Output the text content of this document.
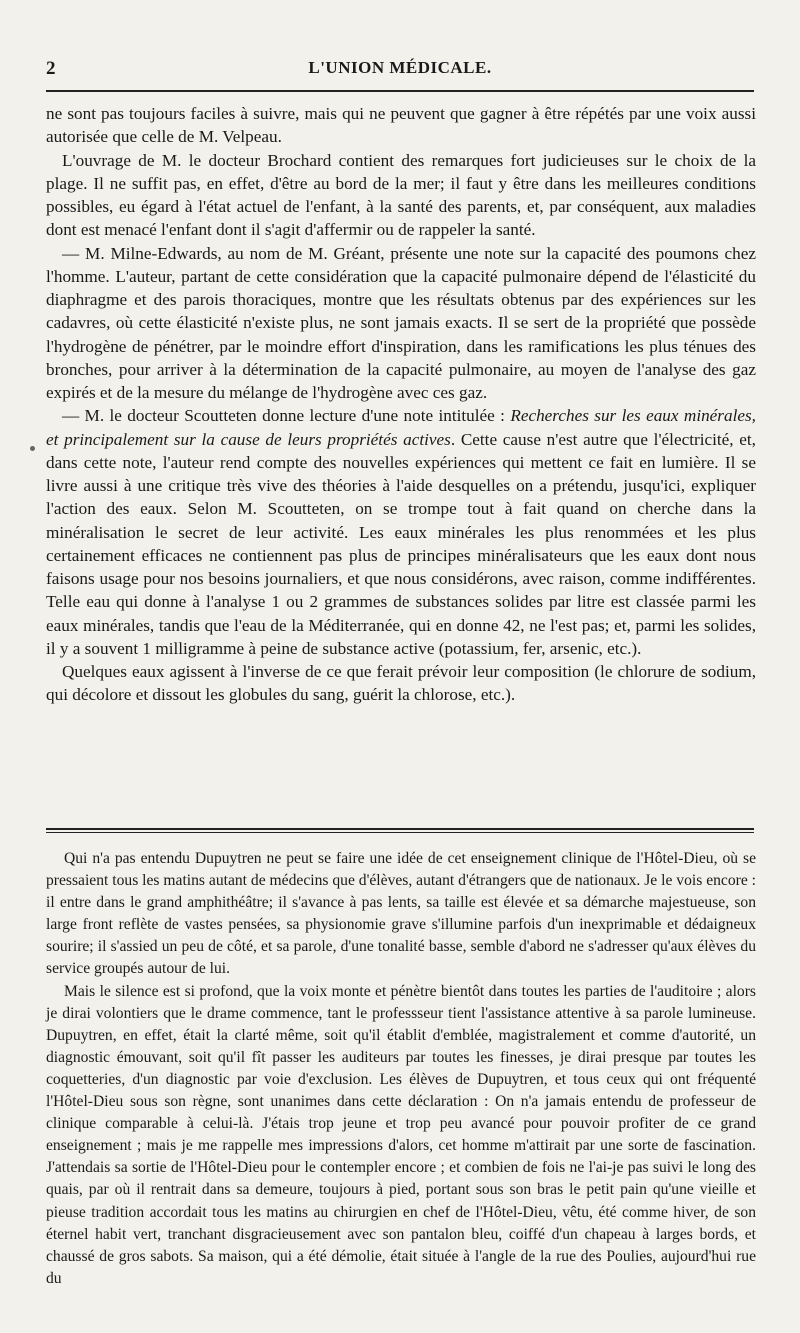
2	L'UNION MÉDICALE.

ne sont pas toujours faciles à suivre, mais qui ne peuvent que gagner à être répétés par une voix aussi autorisée que celle de M. Velpeau.

L'ouvrage de M. le docteur Brochard contient des remarques fort judicieuses sur le choix de la plage. Il ne suffit pas, en effet, d'être au bord de la mer; il faut y être dans les meilleures conditions possibles, eu égard à l'état actuel de l'enfant, à la santé des parents, et, par conséquent, aux maladies dont est menacé l'enfant dont il s'agit d'affermir ou de rappeler la santé.

— M. Milne-Edwards, au nom de M. Gréant, présente une note sur la capacité des poumons chez l'homme. L'auteur, partant de cette considération que la capacité pulmonaire dépend de l'élasticité du diaphragme et des parois thoraciques, montre que les résultats obtenus par des expériences sur les cadavres, où cette élasticité n'existe plus, ne sont jamais exacts. Il se sert de la propriété que possède l'hydrogène de pénétrer, par le moindre effort d'inspiration, dans les ramifications les plus ténues des bronches, pour arriver à la détermination de la capacité pulmonaire, au moyen de l'analyse des gaz expirés et de la mesure du mélange de l'hydrogène avec ces gaz.

— M. le docteur Scoutteten donne lecture d'une note intitulée : Recherches sur les eaux minérales, et principalement sur la cause de leurs propriétés actives. Cette cause n'est autre que l'électricité, et, dans cette note, l'auteur rend compte des nouvelles expériences qui mettent ce fait en lumière. Il se livre aussi à une critique très vive des théories à l'aide desquelles on a prétendu, jusqu'ici, expliquer l'action des eaux. Selon M. Scoutteten, on se trompe tout à fait quand on cherche dans la minéralisation le secret de leur activité. Les eaux minérales les plus renommées et les plus certainement efficaces ne contiennent pas plus de principes minéralisateurs que les eaux dont nous faisons usage pour nos besoins journaliers, et que nous considérons, avec raison, comme indifférentes. Telle eau qui donne à l'analyse 1 ou 2 grammes de substances solides par litre est classée parmi les eaux minérales, tandis que l'eau de la Méditerranée, qui en donne 42, ne l'est pas; et, parmi les solides, il y a souvent 1 milligramme à peine de substance active (potassium, fer, arsenic, etc.).

Quelques eaux agissent à l'inverse de ce que ferait prévoir leur composition (le chlorure de sodium, qui décolore et dissout les globules du sang, guérit la chlorose, etc.).

Qui n'a pas entendu Dupuytren ne peut se faire une idée de cet enseignement clinique de l'Hôtel-Dieu, où se pressaient tous les matins autant de médecins que d'élèves, autant d'étrangers que de nationaux. Je le vois encore : il entre dans le grand amphithéâtre; il s'avance à pas lents, sa taille est élevée et sa démarche majestueuse, son large front reflète de vastes pensées, sa physionomie grave s'illumine parfois d'un inexprimable et dédaigneux sourire; il s'assied un peu de côté, et sa parole, d'une tonalité basse, semble d'abord ne s'adresser qu'aux élèves du service groupés autour de lui.

Mais le silence est si profond, que la voix monte et pénètre bientôt dans toutes les parties de l'auditoire ; alors je dirai volontiers que le drame commence, tant le professseur tient l'assistance attentive à sa parole lumineuse. Dupuytren, en effet, était la clarté même, soit qu'il établit d'emblée, magistralement et comme d'autorité, un diagnostic émouvant, soit qu'il fît passer les auditeurs par toutes les finesses, je dirai presque par toutes les coquetteries, d'un diagnostic par voie d'exclusion. Les élèves de Dupuytren, et tous ceux qui ont fréquenté l'Hôtel-Dieu sous son règne, sont unanimes dans cette déclaration : On n'a jamais entendu de professeur de clinique comparable à celui-là. J'étais trop jeune et trop peu avancé pour pouvoir profiter de ce grand enseignement ; mais je me rappelle mes impressions d'alors, cet homme m'attirait par une sorte de fascination. J'attendais sa sortie de l'Hôtel-Dieu pour le contempler encore ; et combien de fois ne l'ai-je pas suivi le long des quais, par où il rentrait dans sa demeure, toujours à pied, portant sous son bras le petit pain qu'une vieille et pieuse tradition accordait tous les matins au chirurgien en chef de l'Hôtel-Dieu, vêtu, été comme hiver, de son éternel habit vert, tranchant disgracieusement avec son pantalon bleu, coiffé d'un chapeau à larges bords, et chaussé de gros sabots. Sa maison, qui a été démolie, était située à l'angle de la rue des Poulies, aujourd'hui rue du
